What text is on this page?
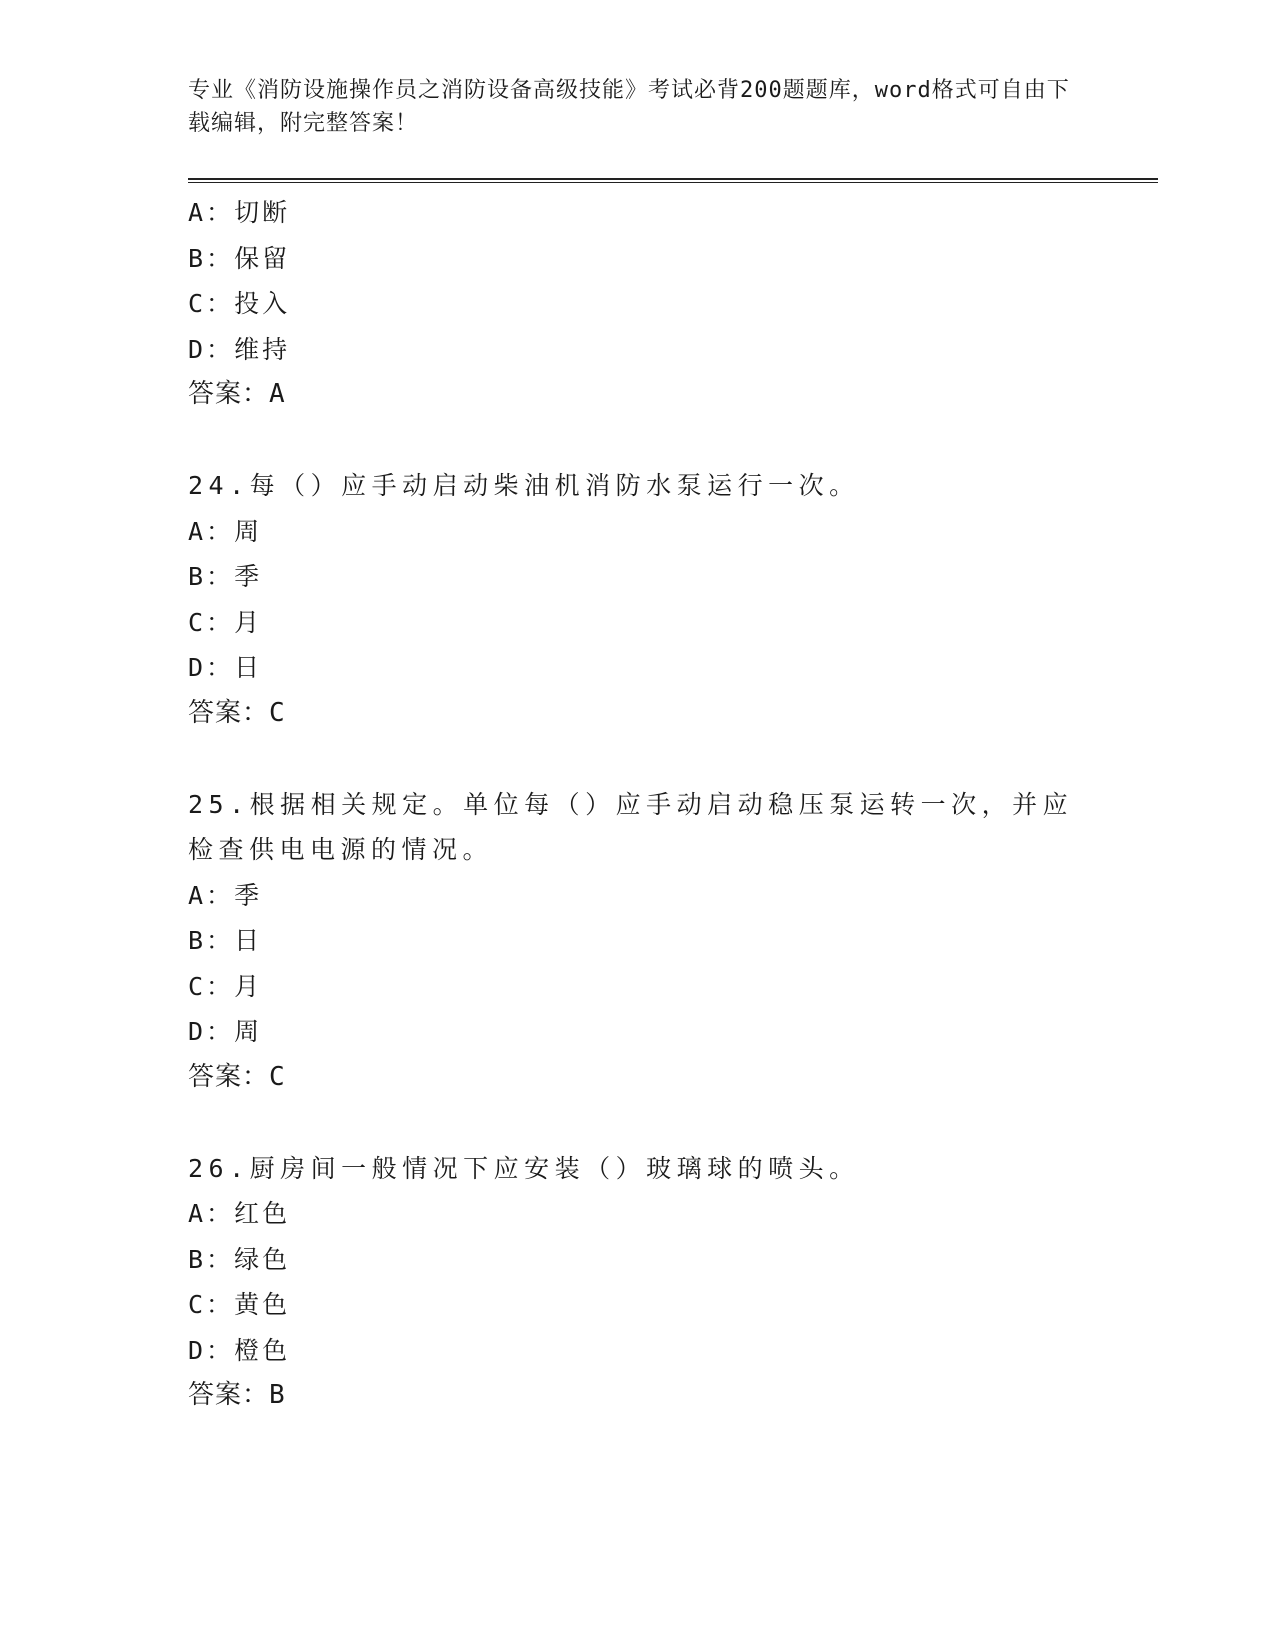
专业《消防设施操作员之消防设备高级技能》考试必背200题题库，word格式可自由下载编辑，附完整答案！
A：切断
B：保留
C：投入
D：维持
答案：A
24.每（）应手动启动柴油机消防水泵运行一次。
A：周
B：季
C：月
D：日
答案：C
25.根据相关规定。单位每（）应手动启动稳压泵运转一次，并应检查供电电源的情况。
A：季
B：日
C：月
D：周
答案：C
26.厨房间一般情况下应安装（）玻璃球的喷头。
A：红色
B：绿色
C：黄色
D：橙色
答案：B
